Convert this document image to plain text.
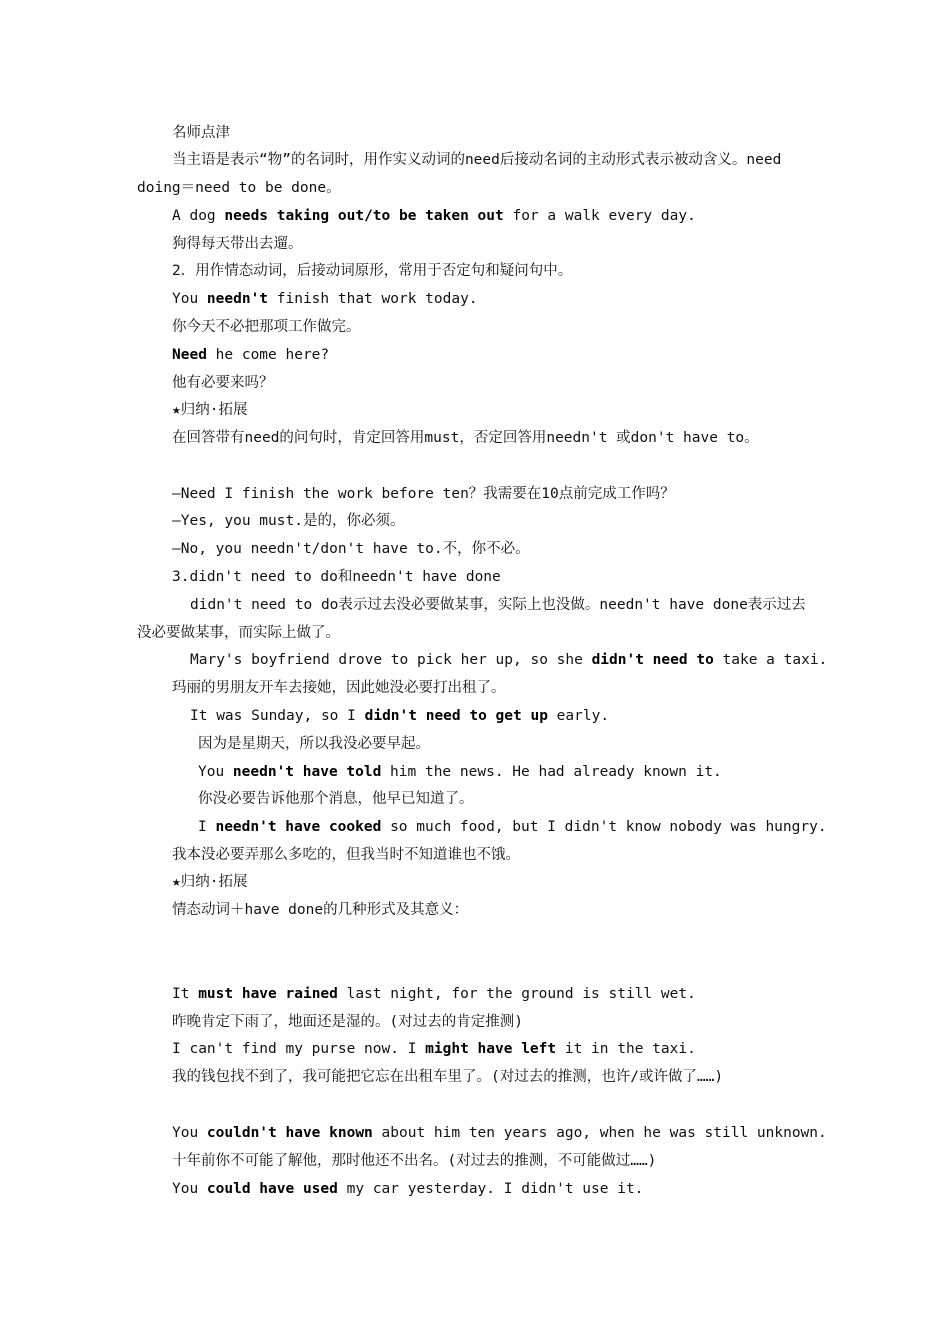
名师点津
当主语是表示“物”的名词时，用作实义动词的need后接动名词的主动形式表示被动含义。need doing＝need to be done。
A dog needs taking out/to be taken out for a walk every day.
狗得每天带出去遛。
2．用作情态动词，后接动词原形，常用于否定句和疑问句中。
You needn't finish that work today.
你今天不必把那项工作做完。
Need he come here?
他有必要来吗？
★归纳·拓展
在回答带有need的问句时，肯定回答用must，否定回答用needn't 或don't have to。
—Need I finish the work before ten？我需要在10点前完成工作吗？
—Yes, you must.是的，你必须。
—No, you needn't/don't have to.不，你不必。
3.didn't need to do和needn't have done
didn't need to do表示过去没必要做某事，实际上也没做。needn't have done表示过去没必要做某事，而实际上做了。
Mary's boyfriend drove to pick her up, so she didn't need to take a taxi.
玛丽的男朋友开车去接她，因此她没必要打出租了。
It was Sunday, so I didn't need to get up early.
因为是星期天，所以我没必要早起。
You needn't have told him the news. He had already known it.
你没必要告诉他那个消息，他早已知道了。
I needn't have cooked so much food, but I didn't know nobody was hungry.
我本没必要弄那么多吃的，但我当时不知道谁也不饿。
★归纳·拓展
情态动词＋have done的几种形式及其意义：
It must have rained last night, for the ground is still wet.
昨晚肯定下雨了，地面还是湿的。(对过去的肯定推测)
I can't find my purse now. I might have left it in the taxi.
我的钱包找不到了，我可能把它忘在出租车里了。(对过去的推测，也许/或许做了……)
You couldn't have known about him ten years ago, when he was still unknown.
十年前你不可能了解他，那时他还不出名。(对过去的推测，不可能做过……)
You could have used my car yesterday. I didn't use it.
